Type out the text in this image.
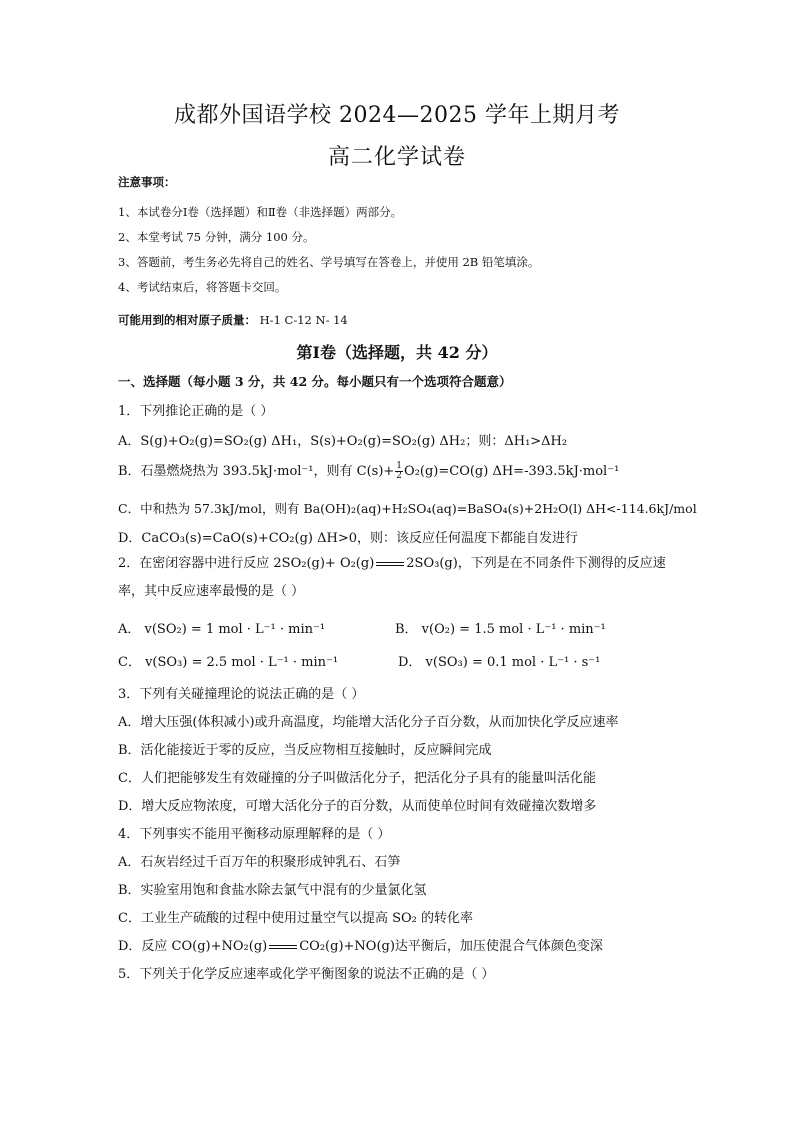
成都外国语学校 2024—2025 学年上期月考
高二化学试卷
注意事项：
1、本试卷分Ⅰ卷（选择题）和Ⅱ卷（非选择题）两部分。
2、本堂考试 75 分钟，满分 100 分。
3、答题前，考生务必先将自己的姓名、学号填写在答卷上，并使用 2B 铅笔填涂。
4、考试结束后，将答题卡交回。
可能用到的相对原子质量： H-1 C-12 N- 14
第Ⅰ卷（选择题，共 42 分）
一、选择题（每小题 3 分，共 42 分。每小题只有一个选项符合题意）
1．下列推论正确的是（ ）
A．S(g)+O₂(g)=SO₂(g) ΔH₁，S(s)+O₂(g)=SO₂(g) ΔH₂；则：ΔH₁>ΔH₂
B．石墨燃烧热为 393.5kJ·mol⁻¹，则有 $C(s)+ \frac{1}{2} O_2(g)=CO(g)$ ΔH=-393.5kJ·mol⁻¹
C．中和热为 57.3kJ/mol，则有 Ba(OH)₂(aq)+H₂SO₄(aq)=BaSO₄(s)+2H₂O(l) ΔH<-114.6kJ/mol
D．CaCO₃(s)=CaO(s)+CO₂(g) ΔH>0，则：该反应任何温度下都能自发进行
2．在密闭容器中进行反应 2SO₂(g)+ O₂(g) 2SO₃(g)，下列是在不同条件下测得的反应速率，其中反应速率最慢的是（ ）
A． v(SO₂) = 1 mol · L⁻¹ · min⁻¹	B． v(O₂) = 1.5 mol · L⁻¹ · min⁻¹
C． v(SO₃) = 2.5 mol · L⁻¹ · min⁻¹	D． v(SO₃) = 0.1 mol · L⁻¹ · s⁻¹
3．下列有关碰撞理论的说法正确的是（ ）
A．增大压强(体积减小)或升高温度，均能增大活化分子百分数，从而加快化学反应速率
B．活化能接近于零的反应，当反应物相互接触时，反应瞬间完成
C．人们把能够发生有效碰撞的分子叫做活化分子，把活化分子具有的能量叫活化能
D．增大反应物浓度，可增大活化分子的百分数，从而使单位时间有效碰撞次数增多
4．下列事实不能用平衡移动原理解释的是（ ）
A．石灰岩经过千百万年的积聚形成钟乳石、石笋
B．实验室用饱和食盐水除去氯气中混有的少量氯化氢
C．工业生产硫酸的过程中使用过量空气以提高 SO₂ 的转化率
D．反应 CO(g)+NO₂(g) CO₂(g)+NO(g)达平衡后，加压使混合气体颜色变深
5．下列关于化学反应速率或化学平衡图象的说法不正确的是（ ）
